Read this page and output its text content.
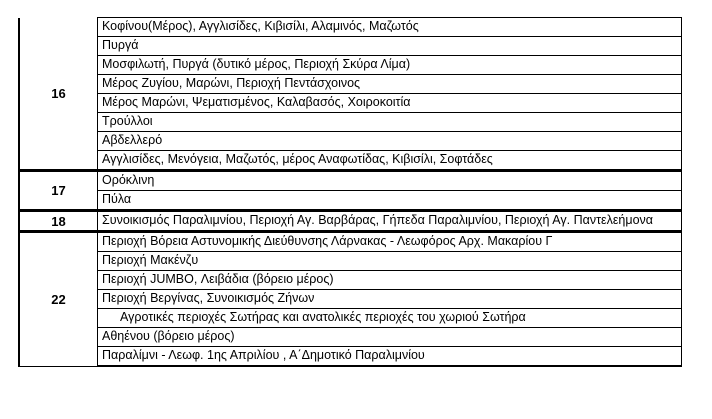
16	Κοφίνου(Μέρος), Αγγλισίδες, Κιβισίλι, Αλαμινός, Μαζωτός
	Πυργά
	Μοσφιλωτή, Πυργά (δυτικό μέρος, Περιοχή Σκύρα Λίμα)
	Μέρος Ζυγίου, Μαρώνι, Περιοχή Πεντάσχοινος
	Μέρος Μαρώνι, Ψεματισμένος, Καλαβασός, Χοιροκοιτία
	Τρούλλοι
	Αβδελλερό
	Αγγλισίδες, Μενόγεια, Μαζωτός, μέρος Αναφωτίδας, Κιβισίλι, Σοφτάδες
17	Ορόκλινη
	Πύλα
18	Συνοικισμός Παραλιμνίου, Περιοχή Αγ. Βαρβάρας, Γήπεδα Παραλιμνίου, Περιοχή Αγ. Παντελεήμονα
22	Περιοχή Βόρεια Αστυνομικής Διεύθυνσης Λάρνακας - Λεωφόρος Αρχ. Μακαρίου Γ
	Περιοχή Μακένζυ
	Περιοχή JUMBO, Λειβάδια (βόρειο μέρος)
	Περιοχή Βεργίνας, Συνοικισμός Ζήνων
	Αγροτικές περιοχές Σωτήρας και ανατολικές περιοχές του χωριού Σωτήρα
	Αθηένου (βόρειο μέρος)
	Παραλίμνι - Λεωφ. 1ης Απριλίου , Α΄Δημοτικό Παραλιμνίου
